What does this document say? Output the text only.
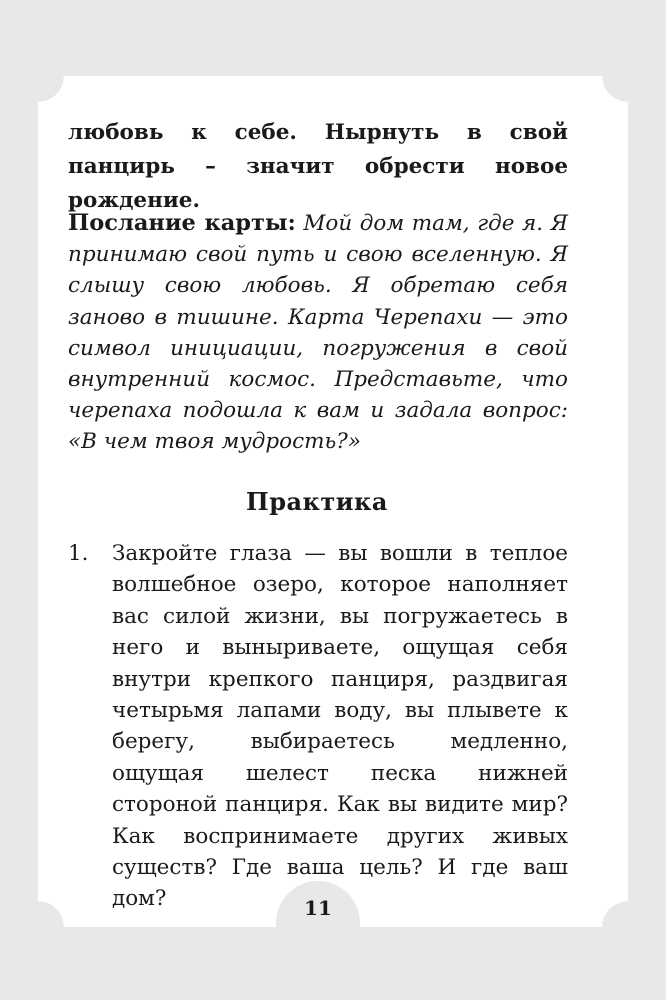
любовь к себе. Нырнуть в свой панцирь – значит обрести новое рождение.

Послание карты: Мой дом там, где я. Я принимаю свой путь и свою вселенную. Я слышу свою любовь. Я обретаю себя заново в тишине. Карта Черепахи — это символ инициации, погружения в свой внутренний космос. Представьте, что черепаха подошла к вам и задала вопрос: «В чем твоя мудрость?»

Практика
1. Закройте глаза — вы вошли в теплое волшебное озеро, которое наполняет вас силой жизни, вы погружаетесь в него и выныриваете, ощущая себя внутри крепкого панциря, раздвигая четырьмя лапами воду, вы плывете к берегу, выбираетесь медленно, ощущая шелест песка нижней стороной панциря. Как вы видите мир? Как воспринимаете других живых существ? Где ваша цель? И где ваш дом?	11
